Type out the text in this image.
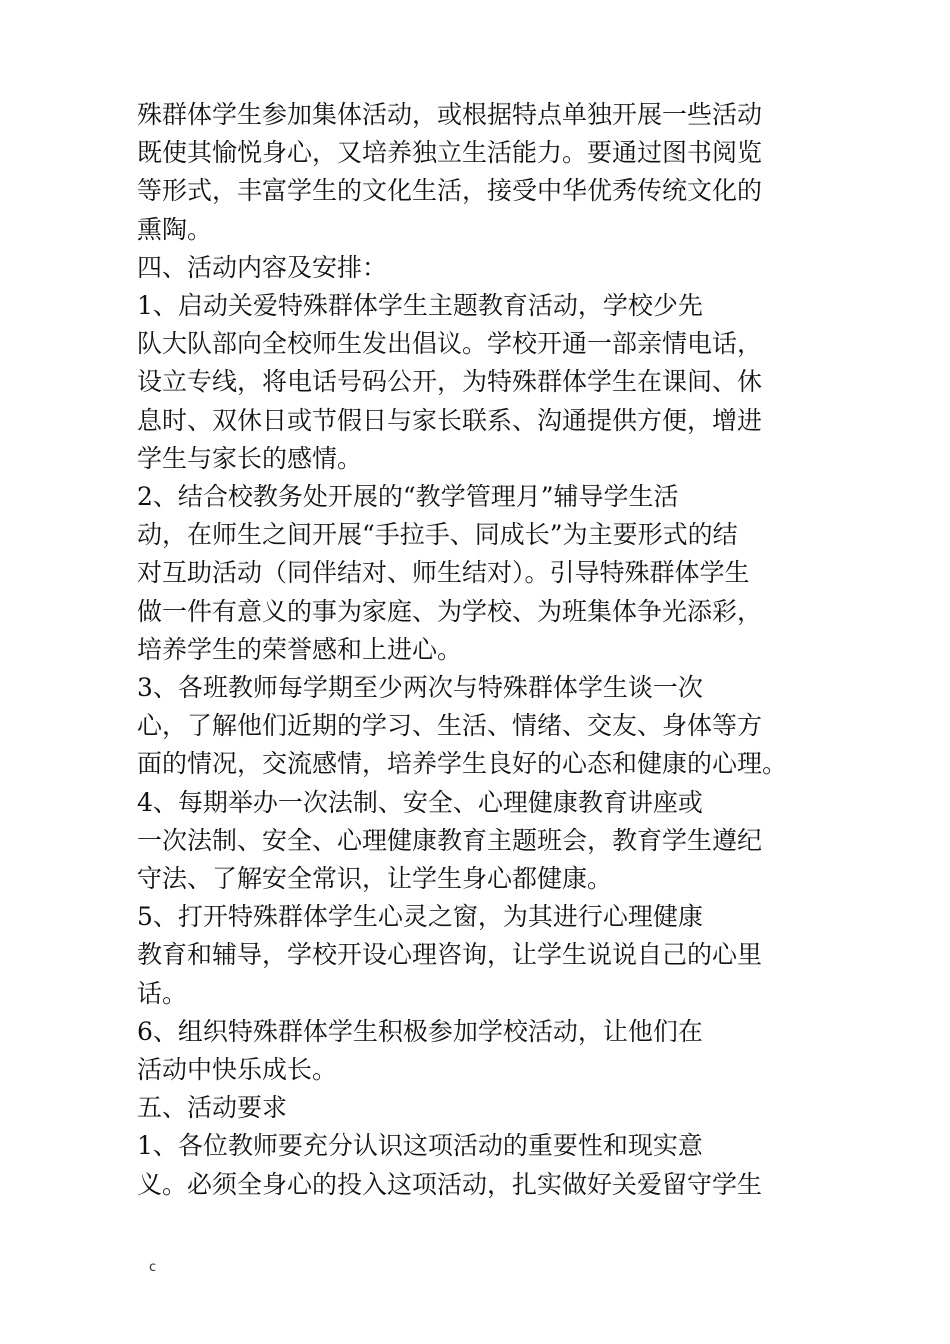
殊群体学生参加集体活动，或根据特点单独开展一些活动
既使其愉悦身心，又培养独立生活能力。要通过图书阅览
等形式，丰富学生的文化生活，接受中华优秀传统文化的
熏陶。

四、活动内容及安排：

1、启动关爱特殊群体学生主题教育活动，学校少先
队大队部向全校师生发出倡议。学校开通一部亲情电话，
设立专线，将电话号码公开，为特殊群体学生在课间、休
息时、双休日或节假日与家长联系、沟通提供方便，增进
学生与家长的感情。

2、结合校教务处开展的“教学管理月”辅导学生活
动，在师生之间开展“手拉手、同成长”为主要形式的结
对互助活动（同伴结对、师生结对）。引导特殊群体学生
做一件有意义的事为家庭、为学校、为班集体争光添彩，
培养学生的荣誉感和上进心。

3、各班教师每学期至少两次与特殊群体学生谈一次
心，了解他们近期的学习、生活、情绪、交友、身体等方
面的情况，交流感情，培养学生良好的心态和健康的心理。

4、每期举办一次法制、安全、心理健康教育讲座或
一次法制、安全、心理健康教育主题班会，教育学生遵纪
守法、了解安全常识，让学生身心都健康。

5、打开特殊群体学生心灵之窗，为其进行心理健康
教育和辅导，学校开设心理咨询，让学生说说自己的心里
话。

6、组织特殊群体学生积极参加学校活动，让他们在
活动中快乐成长。

五、活动要求

1、各位教师要充分认识这项活动的重要性和现实意
义。必须全身心的投入这项活动，扎实做好关爱留守学生

c
